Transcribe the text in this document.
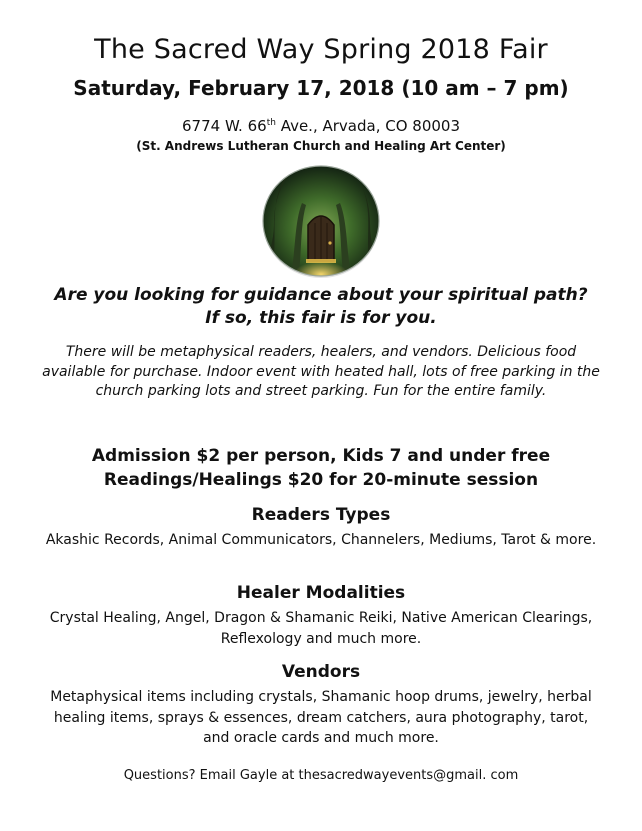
The Sacred Way Spring 2018 Fair

Saturday, February 17, 2018 (10 am – 7 pm)

6774 W. 66th Ave., Arvada, CO 80003

(St. Andrews Lutheran Church and Healing Art Center)

Are you looking for guidance about your spiritual path?
If so, this fair is for you.

There will be metaphysical readers, healers, and vendors. Delicious food available for purchase. Indoor event with heated hall, lots of free parking in the church parking lots and street parking. Fun for the entire family.

Admission $2 per person, Kids 7 and under free
Readings/Healings $20 for 20-minute session

Readers Types

Akashic Records, Animal Communicators, Channelers, Mediums, Tarot & more.

Healer Modalities

Crystal Healing, Angel, Dragon & Shamanic Reiki, Native American Clearings, Reflexology and much more.

Vendors

Metaphysical items including crystals, Shamanic hoop drums, jewelry, herbal healing items, sprays & essences, dream catchers, aura photography, tarot, and oracle cards and much more.

Questions? Email Gayle at thesacredwayevents@gmail. com
